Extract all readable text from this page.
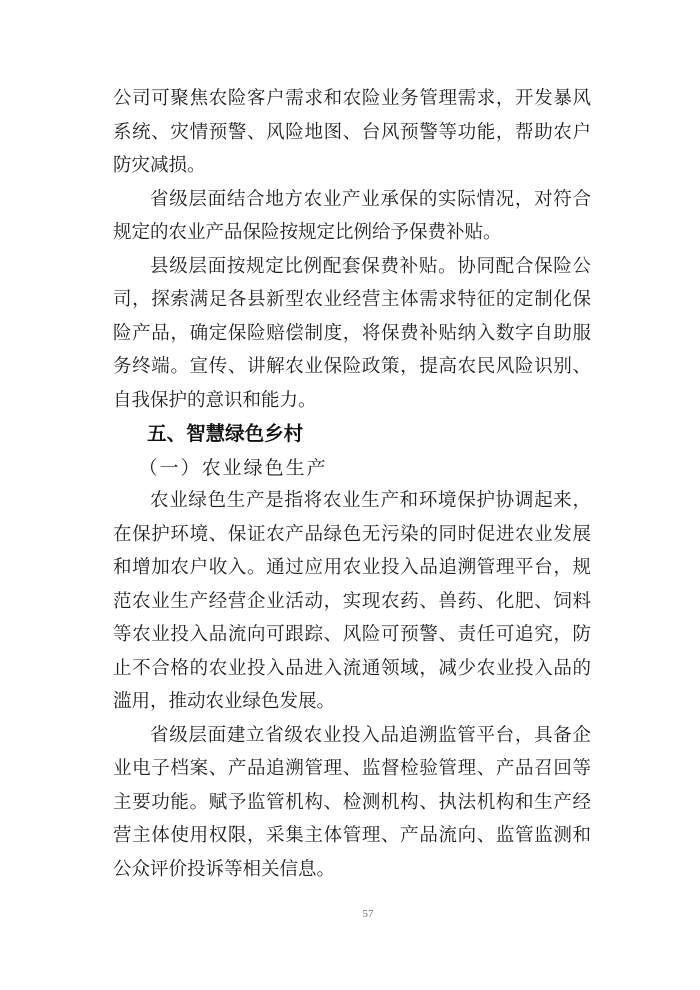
公司可聚焦农险客户需求和农险业务管理需求，开发暴风系统、灾情预警、风险地图、台风预警等功能，帮助农户防灾减损。

省级层面结合地方农业产业承保的实际情况，对符合规定的农业产品保险按规定比例给予保费补贴。

县级层面按规定比例配套保费补贴。协同配合保险公司，探索满足各县新型农业经营主体需求特征的定制化保险产品，确定保险赔偿制度，将保费补贴纳入数字自助服务终端。宣传、讲解农业保险政策，提高农民风险识别、自我保护的意识和能力。

五、智慧绿色乡村
（一）农业绿色生产

农业绿色生产是指将农业生产和环境保护协调起来，在保护环境、保证农产品绿色无污染的同时促进农业发展和增加农户收入。通过应用农业投入品追溯管理平台，规范农业生产经营企业活动，实现农药、兽药、化肥、饲料等农业投入品流向可跟踪、风险可预警、责任可追究，防止不合格的农业投入品进入流通领域，减少农业投入品的滥用，推动农业绿色发展。

省级层面建立省级农业投入品追溯监管平台，具备企业电子档案、产品追溯管理、监督检验管理、产品召回等主要功能。赋予监管机构、检测机构、执法机构和生产经营主体使用权限，采集主体管理、产品流向、监管监测和公众评价投诉等相关信息。

57
